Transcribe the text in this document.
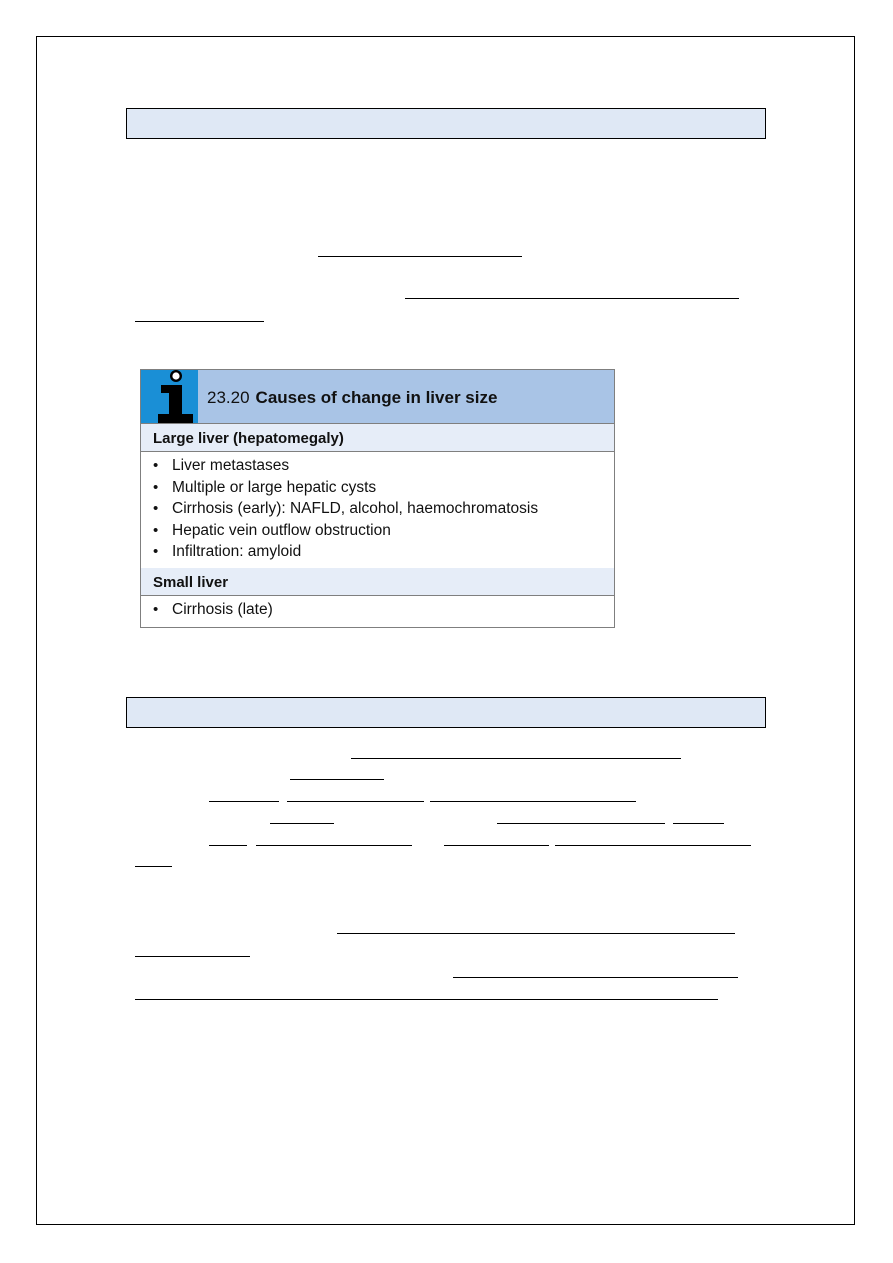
23.20 Causes of change in liver size
Large liver (hepatomegaly)
• Liver metastases
• Multiple or large hepatic cysts
• Cirrhosis (early): NAFLD, alcohol, haemochromatosis
• Hepatic vein outflow obstruction
• Infiltration: amyloid
Small liver
• Cirrhosis (late)
